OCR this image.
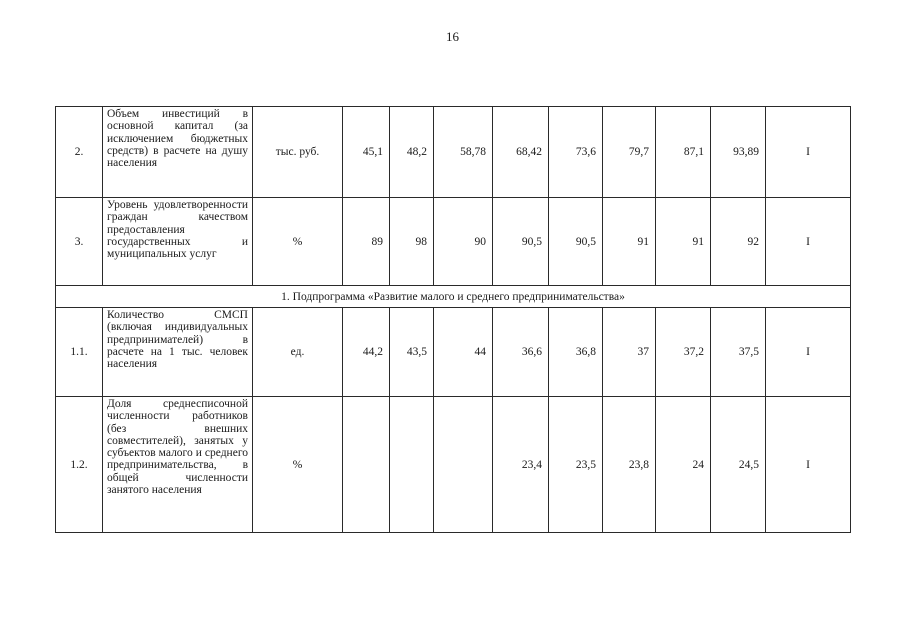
16
2.	Объем инвестиций в основной капитал (за исключением бюджетных средств) в расчете на душу населения	тыс. руб.	45,1	48,2	58,78	68,42	73,6	79,7	87,1	93,89	I
3.	Уровень удовлетворенности граждан качеством предоставления государственных и муниципальных услуг	%	89	98	90	90,5	90,5	91	91	92	I
1. Подпрограмма «Развитие малого и среднего предпринимательства»											
1.1.	Количество СМСП (включая индивидуальных предпринимателей) в расчете на 1 тыс. человек населения	ед.	44,2	43,5	44	36,6	36,8	37	37,2	37,5	I
1.2.	Доля среднесписочной численности работников (без внешних совместителей), занятых у субъектов малого и среднего предпринимательства, в общей численности занятого населения	%				23,4	23,5	23,8	24	24,5	I
